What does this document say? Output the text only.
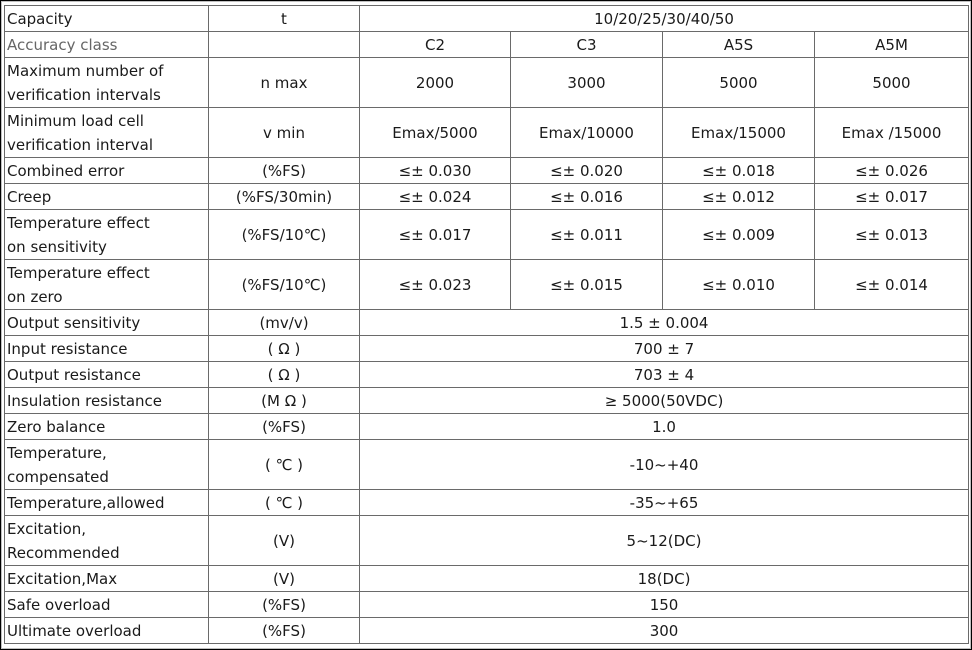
Capacity	t	10/20/25/30/40/50			
Accuracy class		C2	C3	A5S	A5M
Maximum number of
verification intervals	n max	2000	3000	5000	5000
Minimum load cell
verification interval	v min	Emax/5000	Emax/10000	Emax/15000	Emax /15000
Combined error	(%FS)	≤± 0.030	≤± 0.020	≤± 0.018	≤± 0.026
Creep	(%FS/30min)	≤± 0.024	≤± 0.016	≤± 0.012	≤± 0.017
Temperature effect
on sensitivity	(%FS/10℃)	≤± 0.017	≤± 0.011	≤± 0.009	≤± 0.013
Temperature effect
on zero	(%FS/10℃)	≤± 0.023	≤± 0.015	≤± 0.010	≤± 0.014
Output sensitivity	(mv/v)	1.5 ± 0.004			
Input resistance	( Ω )	700 ± 7			
Output resistance	( Ω )	703 ± 4			
Insulation resistance	(M Ω )	≥ 5000(50VDC)			
Zero balance	(%FS)	1.0			
Temperature,
compensated	( ℃ )	-10~+40			
Temperature,allowed	( ℃ )	-35~+65			
Excitation,
Recommended	(V)	5~12(DC)			
Excitation,Max	(V)	18(DC)			
Safe overload	(%FS)	150			
Ultimate overload	(%FS)	300			
